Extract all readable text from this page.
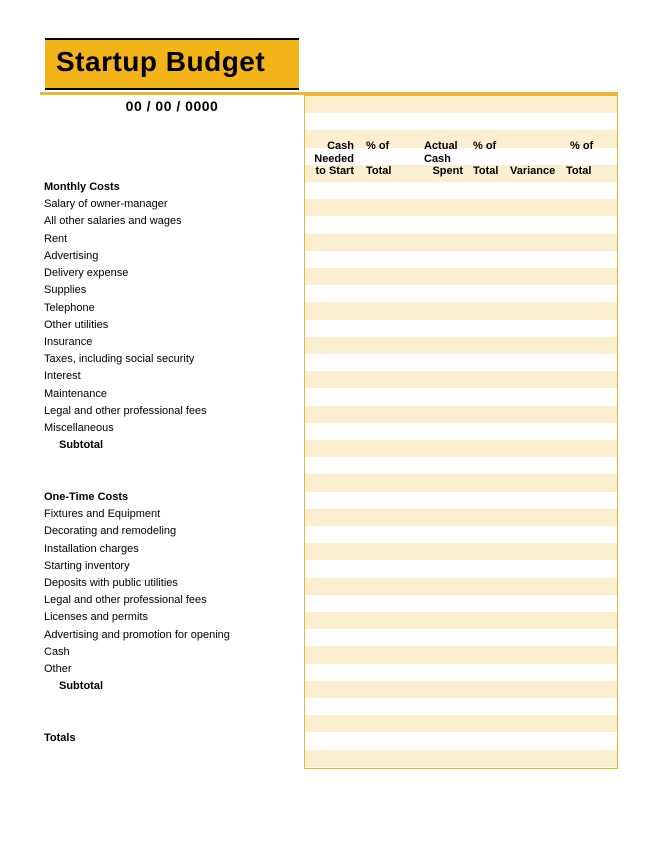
Startup Budget
00 / 00 / 0000
Cash
Needed
to Start
% of
Total
Actual
Cash
Spent
% of
Total	Variance
% of
Total
Monthly Costs
Salary of owner-manager
All other salaries and wages
Rent
Advertising
Delivery expense
Supplies
Telephone
Other utilities
Insurance
Taxes, including social security
Interest
Maintenance
Legal and other professional fees
Miscellaneous
Subtotal
One-Time Costs
Fixtures and Equipment
Decorating and remodeling
Installation charges
Starting inventory
Deposits with public utilities
Legal and other professional fees
Licenses and permits
Advertising and promotion for opening
Cash
Other
Subtotal
Totals
